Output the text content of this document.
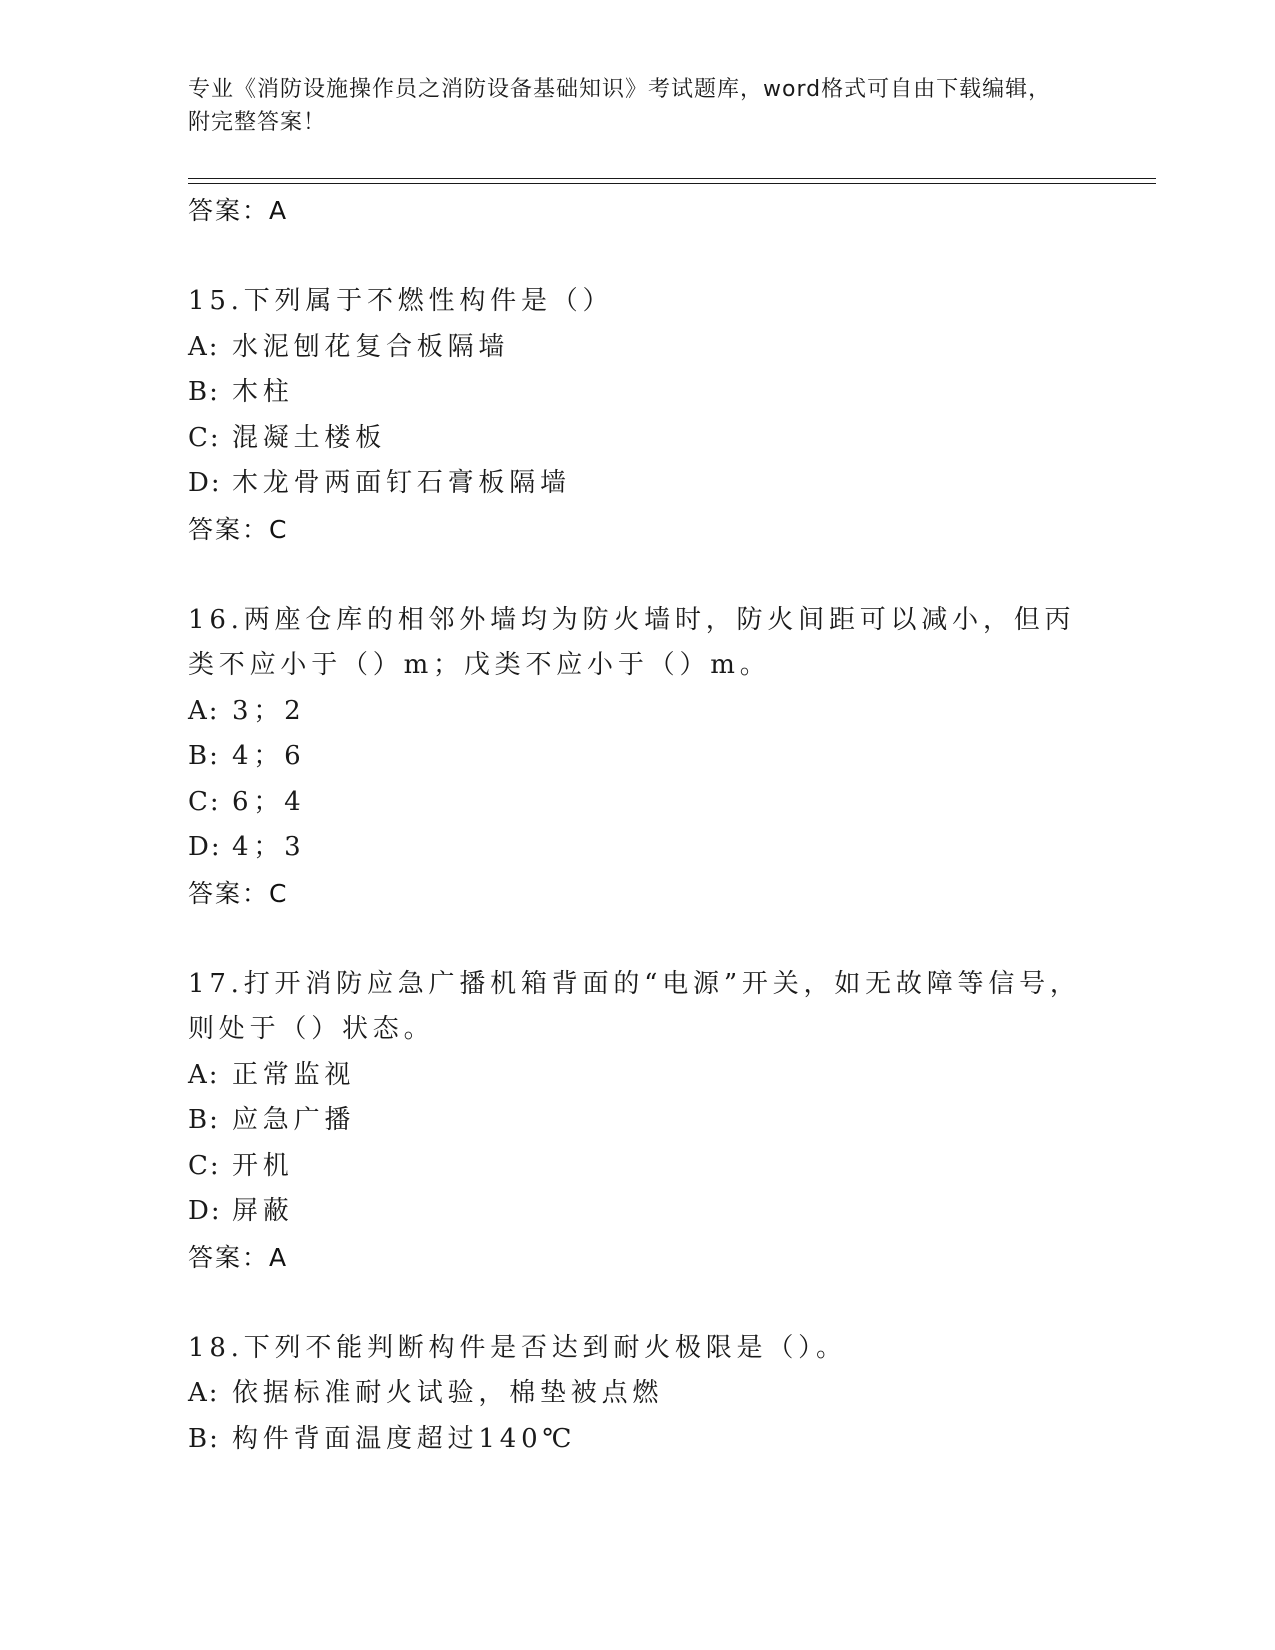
专业《消防设施操作员之消防设备基础知识》考试题库，word格式可自由下载编辑，附完整答案！
答案：A
15.下列属于不燃性构件是（）
A: 水泥刨花复合板隔墙
B: 木柱
C: 混凝土楼板
D: 木龙骨两面钉石膏板隔墙
答案：C
16.两座仓库的相邻外墙均为防火墙时，防火间距可以减小，但丙类不应小于（）m；戊类不应小于（）m。
A: 3；2
B: 4；6
C: 6；4
D: 4；3
答案：C
17.打开消防应急广播机箱背面的“电源”开关，如无故障等信号，则处于（）状态。
A: 正常监视
B: 应急广播
C: 开机
D: 屏蔽
答案：A
18.下列不能判断构件是否达到耐火极限是（）。
A: 依据标准耐火试验，棉垫被点燃
B: 构件背面温度超过140℃
